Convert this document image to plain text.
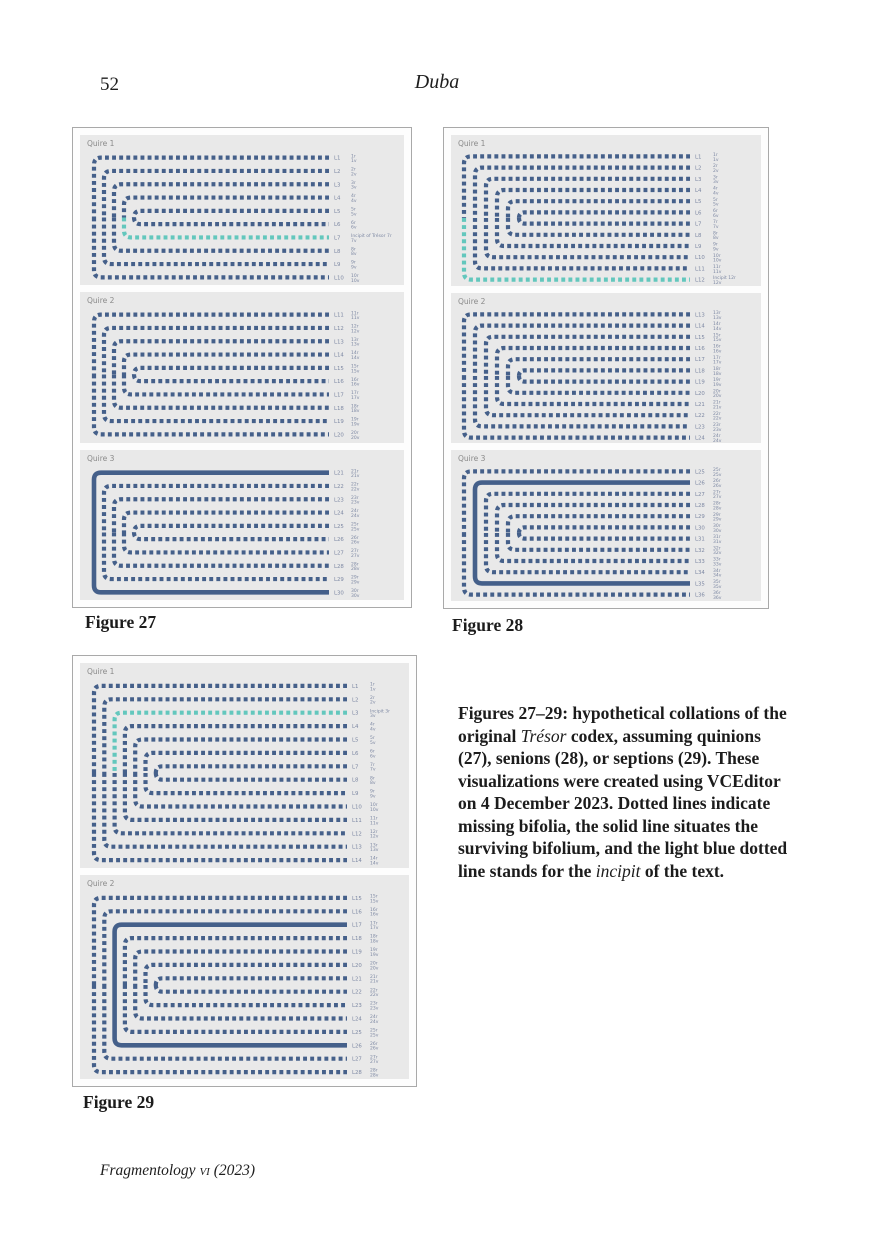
52	Duba
Quire 1
L1 1r
1v
L2 2r
2v
L3 3r
3v
L4 4r
4v
L5 5r
5v
L6 6r
6v
L7 Incipit of Trésor 7r
7v
L8 8r
8v
L9 9r
9v
L10 10r
10v
Quire 2
L11 11r
11v
L12 12r
12v
L13 13r
13v
L14 14r
14v
L15 15r
15v
L16 16r
16v
L17 17r
17v
L18 18r
18v
L19 19r
19v
L20 20r
20v
Quire 3
L21 21r
21v
L22 22r
22v
L23 23r
23v
L24 24r
24v
L25 25r
25v
L26 26r
26v
L27 27r
27v
L28 28r
28v
L29 29r
29v
L30 30r
30v
Quire 1
L1	1r
1v
L2	2r
2v
L3	3r
3v
L4	4r
4v
L5	5r
5v
L6	6r
6v
L7	7r
7v
L8	8r
8v
L9	9r
9v
L10 10r
10v
L11 11r
11v
L12 Incipit 12r
12v
Quire 2
L13 13r
13v
L14 14r
14v
L15 15r
15v
L16 16r
16v
L17 17r
17v
L18 18r
18v
L19 19r
19v
L20 20r
20v
L21 21r
21v
L22 22r
22v
L23 23r
23v
L24 24r
24v
Quire 3
L25 25r
25v
L26 26r
26v
L27 27r
27v
L28 28r
28v
L29 29r
29v
L30 30r
30v
L31 31r
31v
L32 32r
32v
L33 33r
33v
L34 34r
34v
L35 35r
35v
L36 36r
36v
Quire 1
L1	1r
1v
L2	2r
2v
L3	Incipit 3r
3v
L4	4r
4v
L5	5r
5v
L6	6r
6v
L7	7r
7v
L8	8r
8v
L9	9r
9v
L10 10r
10v
L11 11r
11v
L12 12r
12v
L13 13r
13v
L14 14r
14v
Quire 2
L15 15r
15v
L16 16r
16v
L17 17r
17v
L18 18r
18v
L19 19r
19v
L20 20r
20v
L21 21r
21v
L22 22r
22v
L23 23r
23v
L24 24r
24v
L25 25r
25v
L26 26r
26v
L27 27r
27v
L28 28r
28v
Figure 27	Figure 28
Figure 29
Figures 27–29: hypothetical collations of the original Trésor codex, assuming quinions (27), senions (28), or septions (29). These visualizations were created using VCEditor on 4 December 2023. Dotted lines indicate missing bifolia, the solid line situates the surviving bifolium, and the light blue dotted line stands for the incipit of the text.
Fragmentology vi (2023)
